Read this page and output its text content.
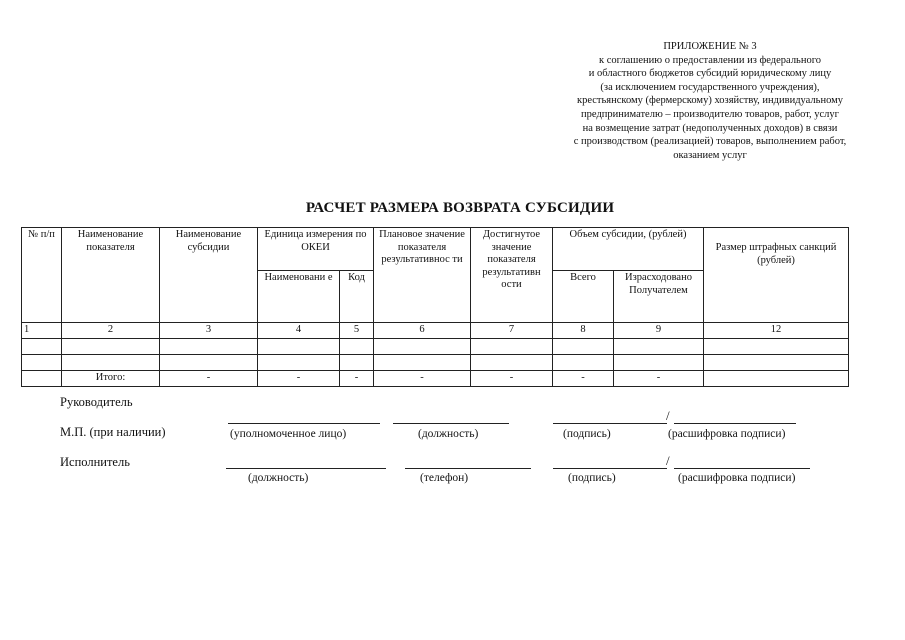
ПРИЛОЖЕНИЕ № 3
к соглашению о предоставлении из федерального
и областного бюджетов субсидий юридическому лицу
(за исключением государственного учреждения),
крестьянскому (фермерскому) хозяйству, индивидуальному
предпринимателю – производителю товаров, работ, услуг
на возмещение затрат (недополученных доходов) в связи
с производством (реализацией) товаров, выполнением работ,
оказанием услуг
РАСЧЕТ РАЗМЕРА ВОЗВРАТА СУБСИДИИ
№ п/п	Наименование показателя	Наименование субсидии	Единица измерения по ОКЕИ		Плановое значение показателя результативнос ти	Достигнутое значение показателя результативн ости	Объем субсидии, (рублей)		Размер штрафных санкций (рублей)
			Наименовани е	Код			Всего	Израсходовано Получателем	
1	2	3	4	5	6	7	8	9	12

	Итого:	-	-	-	-	-	-	-	
Руководитель
М.П. (при наличии)
Исполнитель
/
(уполномоченное лицо)	(должность)	(подпись)	(расшифровка подписи)
/
(должность)	(телефон)	(подпись)	(расшифровка подписи)
